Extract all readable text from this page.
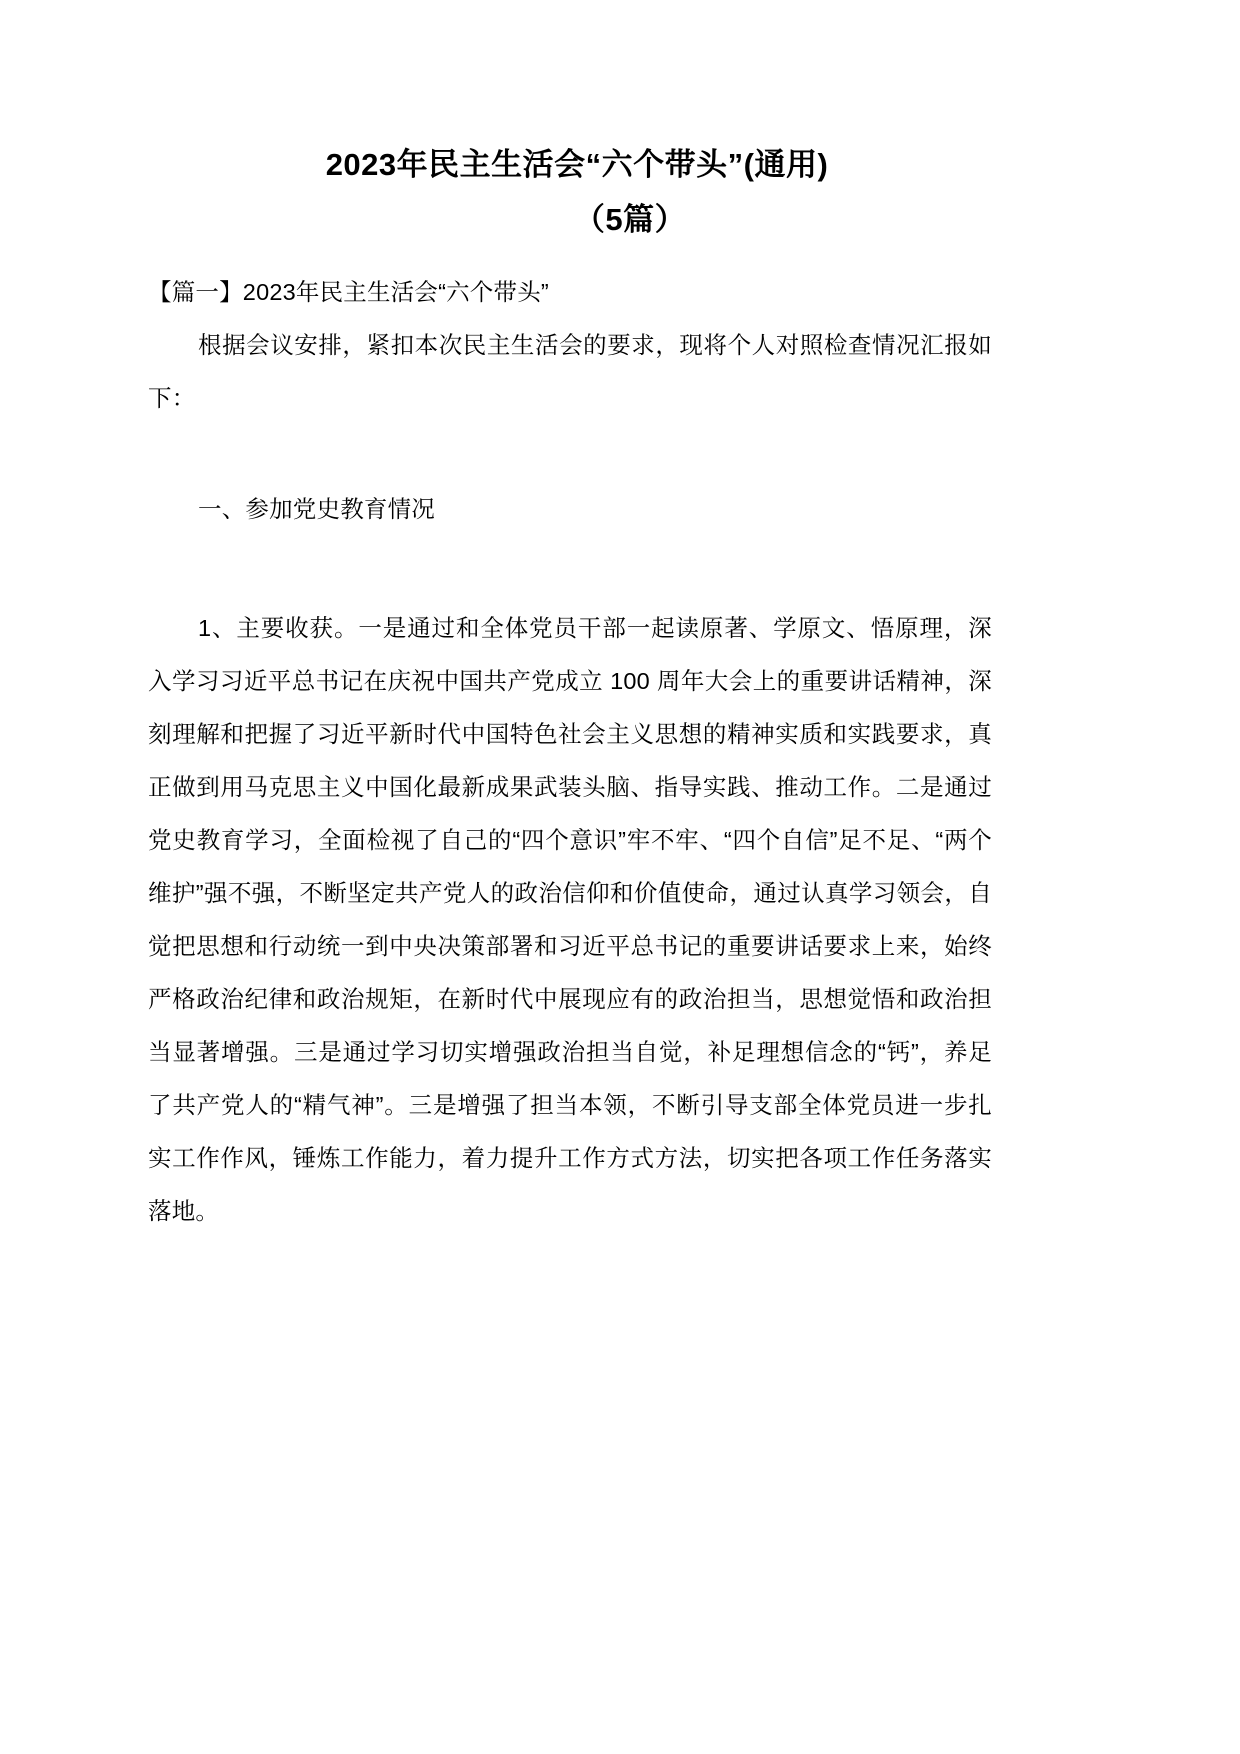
2023年民主生活会“六个带头”(通用)
（5篇）

【篇一】2023年民主生活会“六个带头”

根据会议安排，紧扣本次民主生活会的要求，现将个人对照检查情况汇报如下：

一、参加党史教育情况

1、主要收获。一是通过和全体党员干部一起读原著、学原文、悟原理，深入学习习近平总书记在庆祝中国共产党成立 100 周年大会上的重要讲话精神，深刻理解和把握了习近平新时代中国特色社会主义思想的精神实质和实践要求，真正做到用马克思主义中国化最新成果武装头脑、指导实践、推动工作。二是通过党史教育学习，全面检视了自己的“四个意识”牢不牢、“四个自信”足不足、“两个维护”强不强，不断坚定共产党人的政治信仰和价值使命，通过认真学习领会，自觉把思想和行动统一到中央决策部署和习近平总书记的重要讲话要求上来，始终严格政治纪律和政治规矩，在新时代中展现应有的政治担当，思想觉悟和政治担当显著增强。三是通过学习切实增强政治担当自觉，补足理想信念的“钙”，养足了共产党人的“精气神”。三是增强了担当本领，不断引导支部全体党员进一步扎实工作作风，锤炼工作能力，着力提升工作方式方法，切实把各项工作任务落实落地。
